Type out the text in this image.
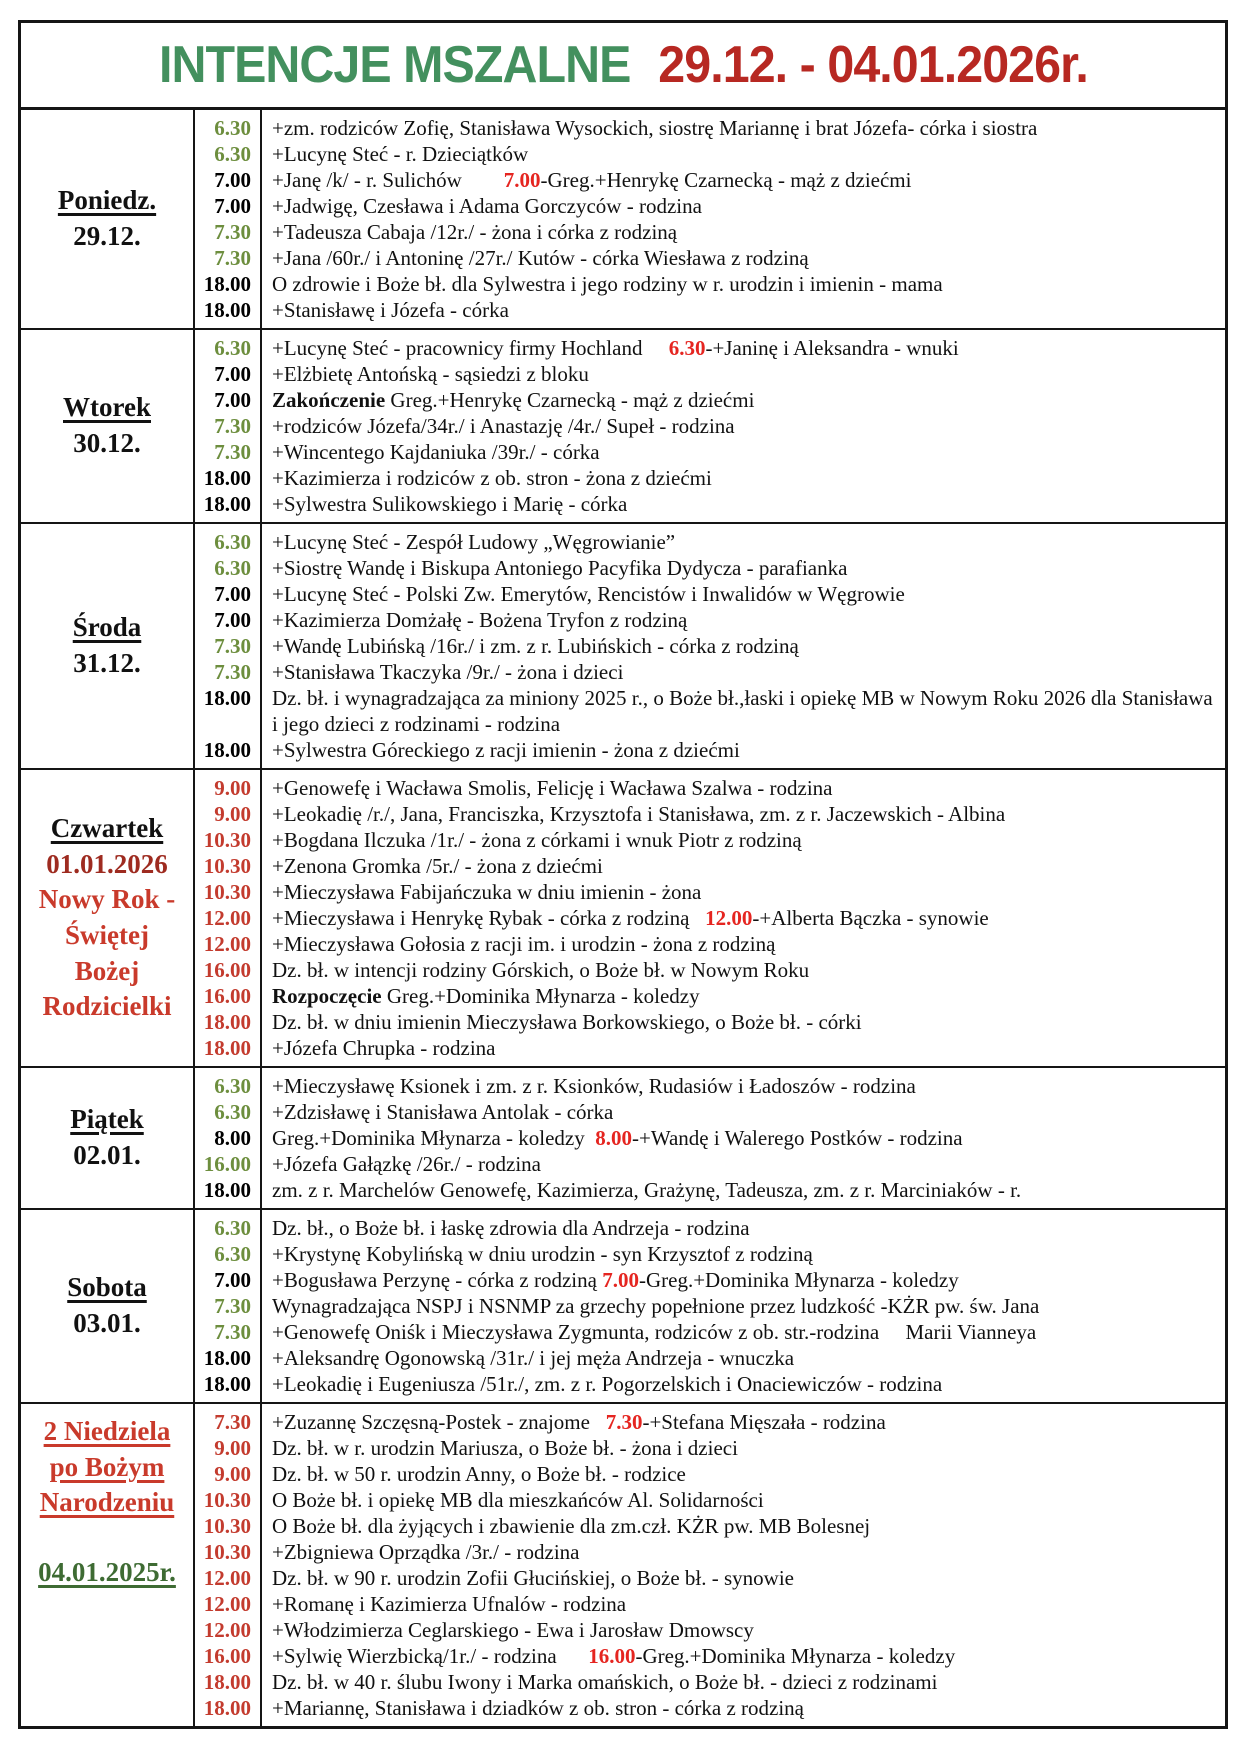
INTENCJE MSZALNE 29.12. - 04.01.2026r.
Poniedz.
29.12.
6.30	+zm. rodziców Zofię, Stanisława Wysockich, siostrę Mariannę i brat Józefa- córka i siostra
6.30	+Lucynę Steć - r. Dzieciątków
7.00	+Janę /k/ - r. Sulichów        7.00-Greg.+Henrykę Czarnecką - mąż z dziećmi
7.00	+Jadwigę, Czesława i Adama Gorczyców - rodzina
7.30	+Tadeusza Cabaja /12r./ - żona i córka z rodziną
7.30	+Jana /60r./ i Antoninę /27r./ Kutów - córka Wiesława z rodziną
18.00	O zdrowie i Boże bł. dla Sylwestra i jego rodziny w r. urodzin i imienin - mama
18.00	+Stanisławę i Józefa - córka
Wtorek
30.12.
6.30	+Lucynę Steć - pracownicy firmy Hochland     6.30-+Janinę i Aleksandra - wnuki
7.00	+Elżbietę Antońską - sąsiedzi z bloku
7.00	Zakończenie Greg.+Henrykę Czarnecką - mąż z dziećmi
7.30	+rodziców Józefa/34r./ i Anastazję /4r./ Supeł - rodzina
7.30	+Wincentego Kajdaniuka /39r./ - córka
18.00	+Kazimierza i rodziców z ob. stron - żona z dziećmi
18.00	+Sylwestra Sulikowskiego i Marię - córka
Środa
31.12.
6.30	+Lucynę Steć - Zespół Ludowy „Węgrowianie”
6.30	+Siostrę Wandę i Biskupa Antoniego Pacyfika Dydycza - parafianka
7.00	+Lucynę Steć - Polski Zw. Emerytów, Rencistów i Inwalidów w Węgrowie
7.00	+Kazimierza Domżałę - Bożena Tryfon z rodziną
7.30	+Wandę Lubińską /16r./ i zm. z r. Lubińskich - córka z rodziną
7.30	+Stanisława Tkaczyka /9r./ - żona i dzieci
18.00	Dz. bł. i wynagradzająca za miniony 2025 r., o Boże bł.,łaski i opiekę MB w Nowym Roku 2026 dla Stanisława i jego dzieci z rodzinami - rodzina
18.00	+Sylwestra Góreckiego z racji imienin - żona z dziećmi
Czwartek
01.01.2026
Nowy Rok -
Świętej
Bożej
Rodzicielki
9.00	+Genowefę i Wacława Smolis, Felicję i Wacława Szalwa - rodzina
9.00	+Leokadię /r./, Jana, Franciszka, Krzysztofa i Stanisława, zm. z r. Jaczewskich - Albina
10.30	+Bogdana Ilczuka /1r./ - żona z córkami i wnuk Piotr z rodziną
10.30	+Zenona Gromka /5r./ - żona z dziećmi
10.30	+Mieczysława Fabijańczuka w dniu imienin - żona
12.00	+Mieczysława i Henrykę Rybak - córka z rodziną   12.00-+Alberta Bączka - synowie
12.00	+Mieczysława Gołosia z racji im. i urodzin - żona z rodziną
16.00	Dz. bł. w intencji rodziny Górskich, o Boże bł. w Nowym Roku
16.00	Rozpoczęcie Greg.+Dominika Młynarza - koledzy
18.00	Dz. bł. w dniu imienin Mieczysława Borkowskiego, o Boże bł. - córki
18.00	+Józefa Chrupka - rodzina
Piątek
02.01.
6.30	+Mieczysławę Ksionek i zm. z r. Ksionków, Rudasiów i Ładoszów - rodzina
6.30	+Zdzisławę i Stanisława Antolak - córka
8.00	Greg.+Dominika Młynarza - koledzy  8.00-+Wandę i Walerego Postków - rodzina
16.00	+Józefa Gałązkę /26r./ - rodzina
18.00	zm. z r. Marchelów Genowefę, Kazimierza, Grażynę, Tadeusza, zm. z r. Marciniaków - r.
Sobota
03.01.
6.30	Dz. bł., o Boże bł. i łaskę zdrowia dla Andrzeja - rodzina
6.30	+Krystynę Kobylińską w dniu urodzin - syn Krzysztof z rodziną
7.00	+Bogusława Perzynę - córka z rodziną 7.00-Greg.+Dominika Młynarza - koledzy
7.30	Wynagradzająca NSPJ i NSNMP za grzechy popełnione przez ludzkość -KŻR pw. św. Jana
7.30	+Genowefę Oniśk i Mieczysława Zygmunta, rodziców z ob. str.-rodzina     Marii Vianneya
18.00	+Aleksandrę Ogonowską /31r./ i jej męża Andrzeja - wnuczka
18.00	+Leokadię i Eugeniusza /51r./, zm. z r. Pogorzelskich i Onaciewiczów - rodzina
2 Niedziela
po Bożym
Narodzeniu
04.01.2025r.
7.30	+Zuzannę Szczęsną-Postek - znajome   7.30-+Stefana Mięszała - rodzina
9.00	Dz. bł. w r. urodzin Mariusza, o Boże bł. - żona i dzieci
9.00	Dz. bł. w 50 r. urodzin Anny, o Boże bł. - rodzice
10.30	O Boże bł. i opiekę MB dla mieszkańców Al. Solidarności
10.30	O Boże bł. dla żyjących i zbawienie dla zm.czł. KŻR pw. MB Bolesnej
10.30	+Zbigniewa Oprządka /3r./ - rodzina
12.00	Dz. bł. w 90 r. urodzin Zofii Głucińskiej, o Boże bł. - synowie
12.00	+Romanę i Kazimierza Ufnalów - rodzina
12.00	+Włodzimierza Ceglarskiego - Ewa i Jarosław Dmowscy
16.00	+Sylwię Wierzbicką/1r./ - rodzina      16.00-Greg.+Dominika Młynarza - koledzy
18.00	Dz. bł. w 40 r. ślubu Iwony i Marka omańskich, o Boże bł. - dzieci z rodzinami
18.00	+Mariannę, Stanisława i dziadków z ob. stron - córka z rodziną
